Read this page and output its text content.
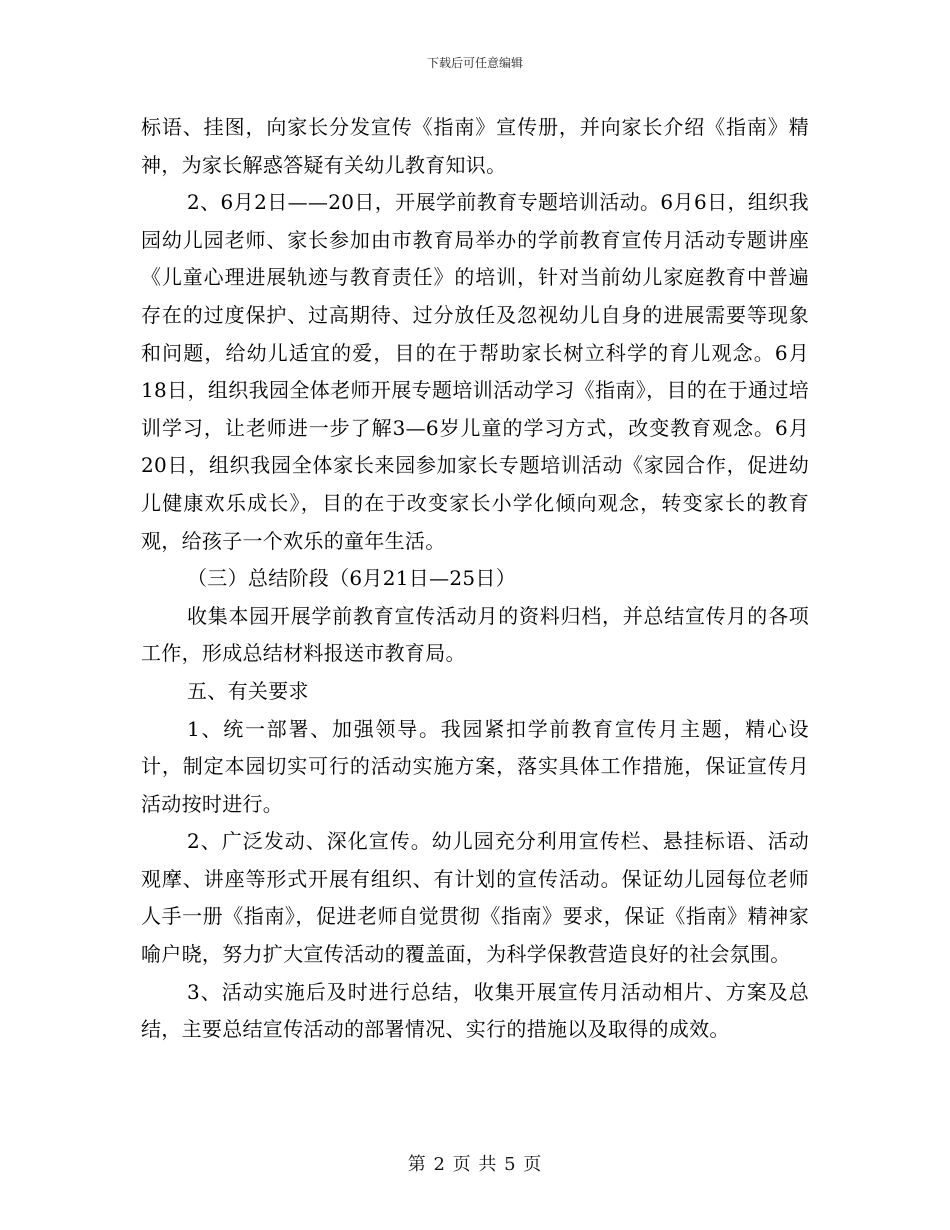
下载后可任意编辑

标语、挂图，向家长分发宣传《指南》宣传册，并向家长介绍《指南》精神，为家长解惑答疑有关幼儿教育知识。

2、6月2日——20日，开展学前教育专题培训活动。6月6日，组织我园幼儿园老师、家长参加由市教育局举办的学前教育宣传月活动专题讲座《儿童心理进展轨迹与教育责任》的培训，针对当前幼儿家庭教育中普遍存在的过度保护、过高期待、过分放任及忽视幼儿自身的进展需要等现象和问题，给幼儿适宜的爱，目的在于帮助家长树立科学的育儿观念。6月18日，组织我园全体老师开展专题培训活动学习《指南》，目的在于通过培训学习，让老师进一步了解3—6岁儿童的学习方式，改变教育观念。6月20日，组织我园全体家长来园参加家长专题培训活动《家园合作，促进幼儿健康欢乐成长》，目的在于改变家长小学化倾向观念，转变家长的教育观，给孩子一个欢乐的童年生活。

（三）总结阶段（6月21日—25日）

收集本园开展学前教育宣传活动月的资料归档，并总结宣传月的各项工作，形成总结材料报送市教育局。

五、有关要求

1、统一部署、加强领导。我园紧扣学前教育宣传月主题，精心设计，制定本园切实可行的活动实施方案，落实具体工作措施，保证宣传月活动按时进行。

2、广泛发动、深化宣传。幼儿园充分利用宣传栏、悬挂标语、活动观摩、讲座等形式开展有组织、有计划的宣传活动。保证幼儿园每位老师人手一册《指南》，促进老师自觉贯彻《指南》要求，保证《指南》精神家喻户晓，努力扩大宣传活动的覆盖面，为科学保教营造良好的社会氛围。

3、活动实施后及时进行总结，收集开展宣传月活动相片、方案及总结，主要总结宣传活动的部署情况、实行的措施以及取得的成效。

第 2 页 共 5 页
